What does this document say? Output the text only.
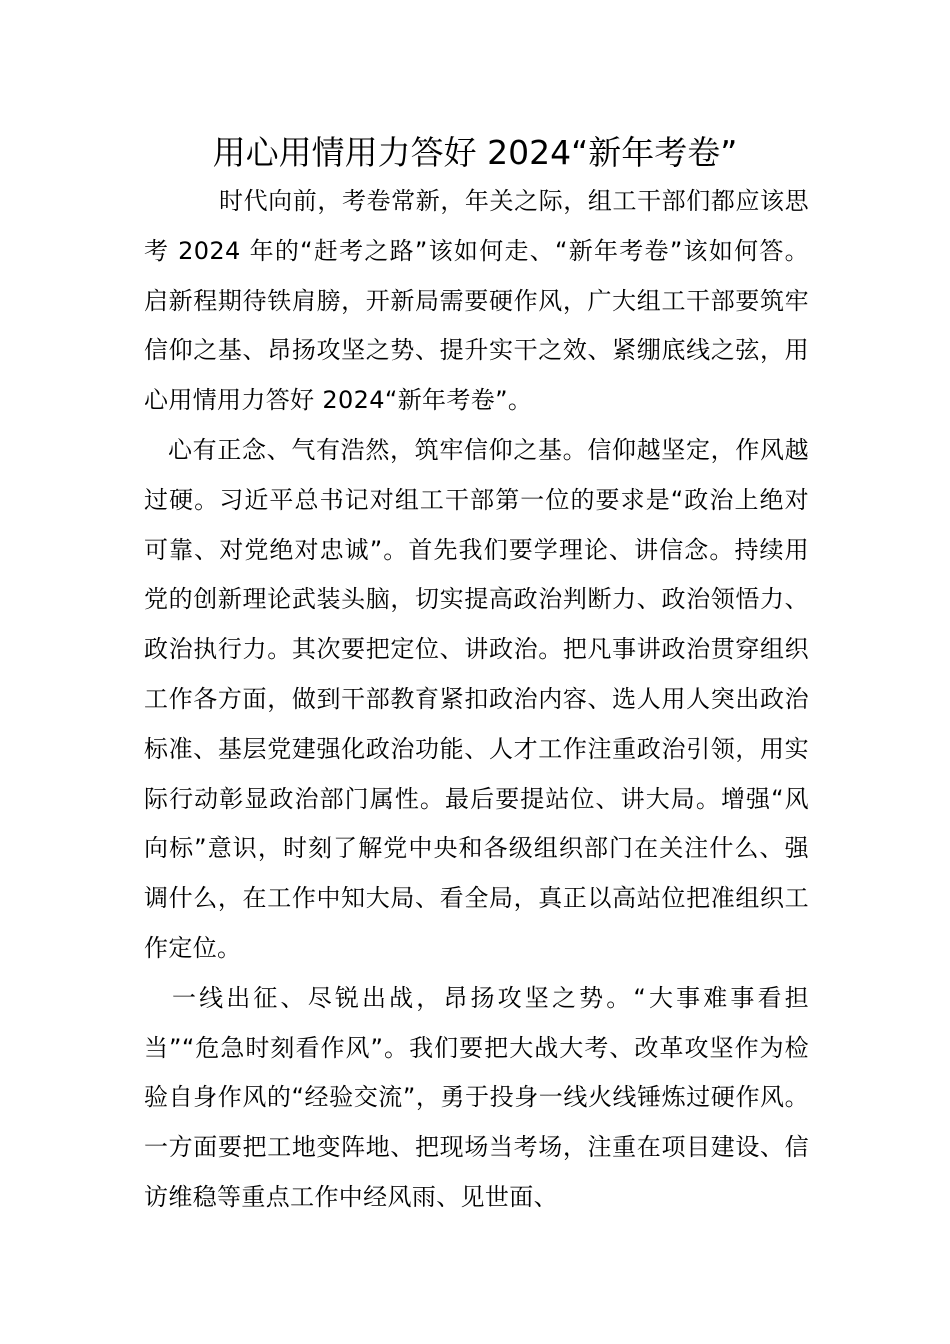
用心用情用力答好 2024“新年考卷”

时代向前，考卷常新，年关之际，组工干部们都应该思考 2024 年的“赶考之路”该如何走、“新年考卷”该如何答。启新程期待铁肩膀，开新局需要硬作风，广大组工干部要筑牢信仰之基、昂扬攻坚之势、提升实干之效、紧绷底线之弦，用心用情用力答好 2024“新年考卷”。

心有正念、气有浩然，筑牢信仰之基。信仰越坚定，作风越过硬。习近平总书记对组工干部第一位的要求是“政治上绝对可靠、对党绝对忠诚”。首先我们要学理论、讲信念。持续用党的创新理论武装头脑，切实提高政治判断力、政治领悟力、政治执行力。其次要把定位、讲政治。把凡事讲政治贯穿组织工作各方面，做到干部教育紧扣政治内容、选人用人突出政治标准、基层党建强化政治功能、人才工作注重政治引领，用实际行动彰显政治部门属性。最后要提站位、讲大局。增强“风向标”意识，时刻了解党中央和各级组织部门在关注什么、强调什么，在工作中知大局、看全局，真正以高站位把准组织工作定位。

一线出征、尽锐出战，昂扬攻坚之势。“大事难事看担当”“危急时刻看作风”。我们要把大战大考、改革攻坚作为检验自身作风的“经验交流”，勇于投身一线火线锤炼过硬作风。一方面要把工地变阵地、把现场当考场，注重在项目建设、信访维稳等重点工作中经风雨、见世面、
